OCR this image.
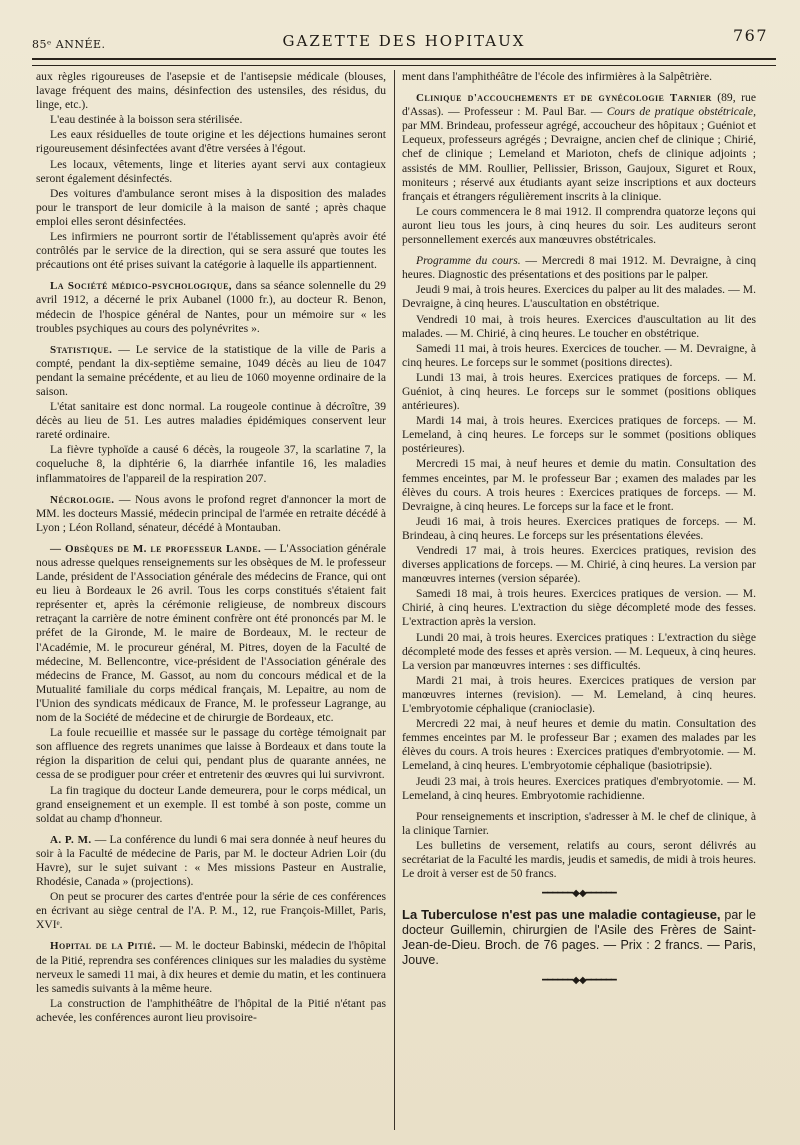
85ᵉ ANNÉE.	GAZETTE DES HOPITAUX	767

aux règles rigoureuses de l'asepsie et de l'antisepsie médicale (blouses, lavage fréquent des mains, désinfection des ustensiles, des résidus, du linge, etc.).

L'eau destinée à la boisson sera stérilisée.

Les eaux résiduelles de toute origine et les déjections humaines seront rigoureusement désinfectées avant d'être versées à l'égout.

Les locaux, vêtements, linge et literies ayant servi aux contagieux seront également désinfectés.

Des voitures d'ambulance seront mises à la disposition des malades pour le transport de leur domicile à la maison de santé ; après chaque emploi elles seront désinfectées.

Les infirmiers ne pourront sortir de l'établissement qu'après avoir été contrôlés par le service de la direction, qui se sera assuré que toutes les précautions ont été prises suivant la catégorie à laquelle ils appartiennent.

La Société médico-psychologique, dans sa séance solennelle du 29 avril 1912, a décerné le prix Aubanel (1000 fr.), au docteur R. Benon, médecin de l'hospice général de Nantes, pour un mémoire sur « les troubles psychiques au cours des polynévrites ».

Statistique. — Le service de la statistique de la ville de Paris a compté, pendant la dix-septième semaine, 1049 décès au lieu de 1047 pendant la semaine précédente, et au lieu de 1060 moyenne ordinaire de la saison.

L'état sanitaire est donc normal. La rougeole continue à décroître, 39 décès au lieu de 51. Les autres maladies épidémiques conservent leur rareté ordinaire.

La fièvre typhoïde a causé 6 décès, la rougeole 37, la scarlatine 7, la coqueluche 8, la diphtérie 6, la diarrhée infantile 16, les maladies inflammatoires de l'appareil de la respiration 207.

Nécrologie. — Nous avons le profond regret d'annoncer la mort de MM. les docteurs Massié, médecin principal de l'armée en retraite décédé à Lyon ; Léon Rolland, sénateur, décédé à Montauban.

— Obsèques de M. le professeur Lande. — L'Association générale nous adresse quelques renseignements sur les obsèques de M. le professeur Lande, président de l'Association générale des médecins de France, qui ont eu lieu à Bordeaux le 26 avril. Tous les corps constitués s'étaient fait représenter et, après la cérémonie religieuse, de nombreux discours retraçant la carrière de notre éminent confrère ont été prononcés par M. le préfet de la Gironde, M. le maire de Bordeaux, M. le recteur de l'Académie, M. le procureur général, M. Pitres, doyen de la Faculté de médecine, M. Bellencontre, vice-président de l'Association générale des médecins de France, M. Gassot, au nom du concours médical et de la Mutualité familiale du corps médical français, M. Lepaitre, au nom de l'Union des syndicats médicaux de France, M. le professeur Lagrange, au nom de la Société de médecine et de chirurgie de Bordeaux, etc.

La foule recueillie et massée sur le passage du cortège témoignait par son affluence des regrets unanimes que laisse à Bordeaux et dans toute la région la disparition de celui qui, pendant plus de quarante années, ne cessa de se prodiguer pour créer et entretenir des œuvres qui lui survivront.

La fin tragique du docteur Lande demeurera, pour le corps médical, un grand enseignement et un exemple. Il est tombé à son poste, comme un soldat au champ d'honneur.

A. P. M. — La conférence du lundi 6 mai sera donnée à neuf heures du soir à la Faculté de médecine de Paris, par M. le docteur Adrien Loir (du Havre), sur le sujet suivant : « Mes missions Pasteur en Australie, Rhodésie, Canada » (projections).

On peut se procurer des cartes d'entrée pour la série de ces conférences en écrivant au siège central de l'A. P. M., 12, rue François-Millet, Paris, XVIᵉ.

Hopital de la Pitié. — M. le docteur Babinski, médecin de l'hôpital de la Pitié, reprendra ses conférences cliniques sur les maladies du système nerveux le samedi 11 mai, à dix heures et demie du matin, et les continuera les samedis suivants à la même heure.

La construction de l'amphithéâtre de l'hôpital de la Pitié n'étant pas achevée, les conférences auront lieu provisoire-

ment dans l'amphithéâtre de l'école des infirmières à la Salpêtrière.

Clinique d'accouchements et de gynécologie Tarnier (89, rue d'Assas). — Professeur : M. Paul Bar. — Cours de pratique obstétricale, par MM. Brindeau, professeur agrégé, accoucheur des hôpitaux ; Guéniot et Lequeux, professeurs agrégés ; Devraigne, ancien chef de clinique ; Chirié, chef de clinique ; Lemeland et Marioton, chefs de clinique adjoints ; assistés de MM. Roullier, Pellissier, Brisson, Gaujoux, Siguret et Roux, moniteurs ; réservé aux étudiants ayant seize inscriptions et aux docteurs français et étrangers régulièrement inscrits à la clinique.

Le cours commencera le 8 mai 1912. Il comprendra quatorze leçons qui auront lieu tous les jours, à cinq heures du soir. Les auditeurs seront personnellement exercés aux manœuvres obstétricales.

Programme du cours. — Mercredi 8 mai 1912. M. Devraigne, à cinq heures. Diagnostic des présentations et des positions par le palper.

Jeudi 9 mai, à trois heures. Exercices du palper au lit des malades. — M. Devraigne, à cinq heures. L'auscultation en obstétrique.

Vendredi 10 mai, à trois heures. Exercices d'auscultation au lit des malades. — M. Chirié, à cinq heures. Le toucher en obstétrique.

Samedi 11 mai, à trois heures. Exercices de toucher. — M. Devraigne, à cinq heures. Le forceps sur le sommet (positions directes).

Lundi 13 mai, à trois heures. Exercices pratiques de forceps. — M. Guéniot, à cinq heures. Le forceps sur le sommet (positions obliques antérieures).

Mardi 14 mai, à trois heures. Exercices pratiques de forceps. — M. Lemeland, à cinq heures. Le forceps sur le sommet (positions obliques postérieures).

Mercredi 15 mai, à neuf heures et demie du matin. Consultation des femmes enceintes, par M. le professeur Bar ; examen des malades par les élèves du cours. A trois heures : Exercices pratiques de forceps. — M. Devraigne, à cinq heures. Le forceps sur la face et le front.

Jeudi 16 mai, à trois heures. Exercices pratiques de forceps. — M. Brindeau, à cinq heures. Le forceps sur les présentations élevées.

Vendredi 17 mai, à trois heures. Exercices pratiques, revision des diverses applications de forceps. — M. Chirié, à cinq heures. La version par manœuvres internes (version séparée).

Samedi 18 mai, à trois heures. Exercices pratiques de version. — M. Chirié, à cinq heures. L'extraction du siège décompleté mode des fesses. L'extraction après la version.

Lundi 20 mai, à trois heures. Exercices pratiques : L'extraction du siège décompleté mode des fesses et après version. — M. Lequeux, à cinq heures. La version par manœuvres internes : ses difficultés.

Mardi 21 mai, à trois heures. Exercices pratiques de version par manœuvres internes (revision). — M. Lemeland, à cinq heures. L'embryotomie céphalique (cranioclasie).

Mercredi 22 mai, à neuf heures et demie du matin. Consultation des femmes enceintes par M. le professeur Bar ; examen des malades par les élèves du cours. A trois heures : Exercices pratiques d'embryotomie. — M. Lemeland, à cinq heures. L'embryotomie céphalique (basiotripsie).

Jeudi 23 mai, à trois heures. Exercices pratiques d'embryotomie. — M. Lemeland, à cinq heures. Embryotomie rachidienne.

Pour renseignements et inscription, s'adresser à M. le chef de clinique, à la clinique Tarnier.

Les bulletins de versement, relatifs au cours, seront délivrés au secrétariat de la Faculté les mardis, jeudis et samedis, de midi à trois heures. Le droit à verser est de 50 francs.

━━━━━━◆◆━━━━━━

La Tuberculose n'est pas une maladie contagieuse, par le docteur Guillemin, chirurgien de l'Asile des Frères de Saint-Jean-de-Dieu. Broch. de 76 pages. — Prix : 2 francs. — Paris, Jouve.

━━━━━━◆◆━━━━━━
